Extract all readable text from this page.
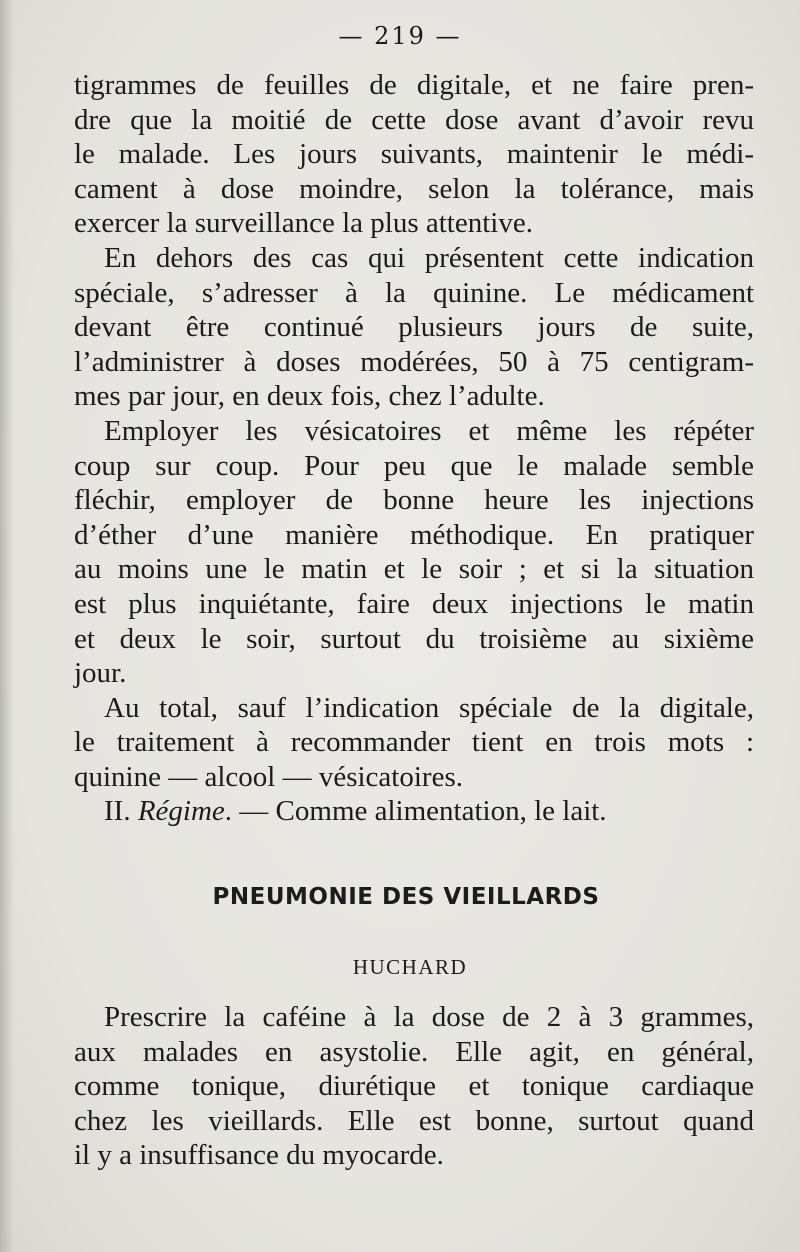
— 219 —

tigrammes de feuilles de digitale, et ne faire pren-

dre que la moitié de cette dose avant d’avoir revu

le malade. Les jours suivants, maintenir le médi-

cament à dose moindre, selon la tolérance, mais

exercer la surveillance la plus attentive.

En dehors des cas qui présentent cette indication

spéciale, s’adresser à la quinine. Le médicament

devant être continué plusieurs jours de suite,

l’administrer à doses modérées, 50 à 75 centigram-

mes par jour, en deux fois, chez l’adulte.

Employer les vésicatoires et même les répéter

coup sur coup. Pour peu que le malade semble

fléchir, employer de bonne heure les injections

d’éther d’une manière méthodique. En pratiquer

au moins une le matin et le soir ; et si la situation

est plus inquiétante, faire deux injections le matin

et deux le soir, surtout du troisième au sixième

jour.

Au total, sauf l’indication spéciale de la digitale,

le traitement à recommander tient en trois mots :

quinine — alcool — vésicatoires.

II. Régime. — Comme alimentation, le lait.

PNEUMONIE DES VIEILLARDS
HUCHARD

Prescrire la caféine à la dose de 2 à 3 grammes,

aux malades en asystolie. Elle agit, en général,

comme tonique, diurétique et tonique cardiaque

chez les vieillards. Elle est bonne, surtout quand

il y a insuffisance du myocarde.
